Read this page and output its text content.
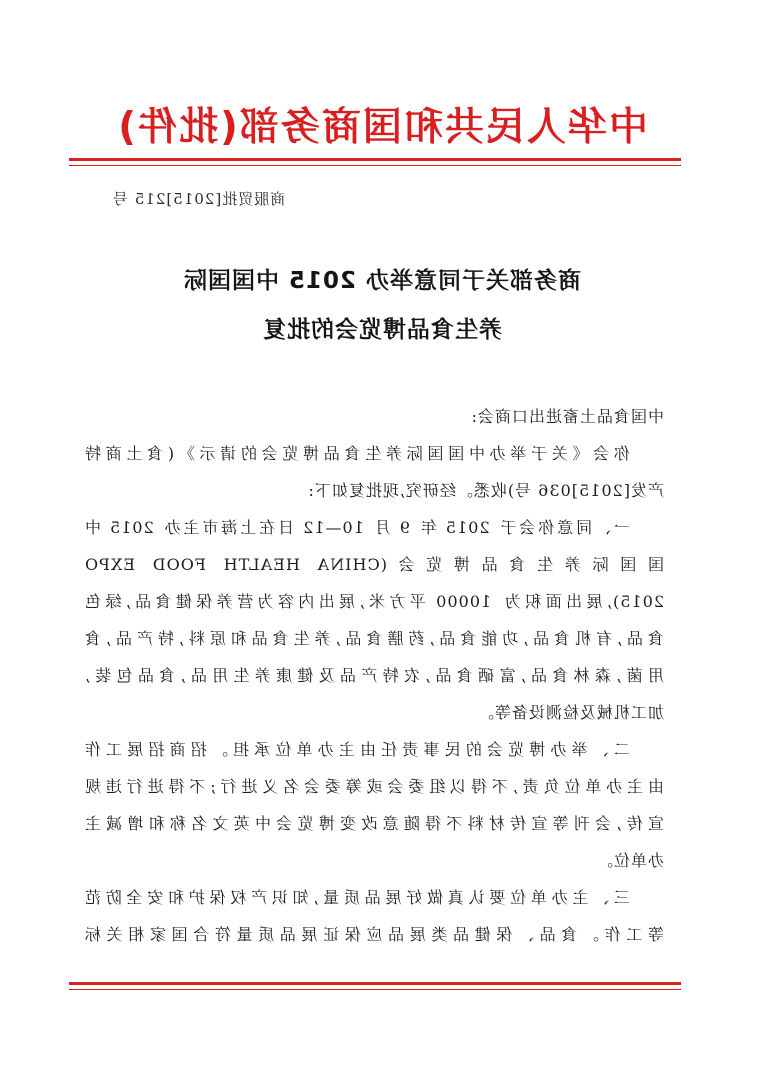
中华人民共和国商务部(批件)
商服贸批[2015]215 号
商务部关于同意举办 2015 中国国际
养生食品博览会的批复
中国食品土畜进出口商会:
你会《关于举办中国国际养生食品博览会的请示》(食土商特
产发[2015]036 号)收悉。经研究,现批复如下:
一、同意你会于 2015 年 9 月 10—12 日在上海市主办 2015 中
国国际养生食品博览会(CHINA HEALTH FOOD EXPO
2015),展出面积为 10000 平方米,展出内容为营养保健食品,绿色
食品,有机食品,功能食品,药膳食品,养生食品和原料,特产品,食
用菌,森林食品,富硒食品,农特产品及健康养生用品,食品包装,
加工机械及检测设备等。
二、举办博览会的民事责任由主办单位承担。招商招展工作
由主办单位负责,不得以组委会或筹委会名义进行;不得进行违规
宣传,会刊等宣传材料不得随意改变博览会中英文名称和增减主
办单位。
三、主办单位要认真做好展品质量,知识产权保护和安全防范
等工作。食品、保健品类展品应保证展品质量符合国家相关标
